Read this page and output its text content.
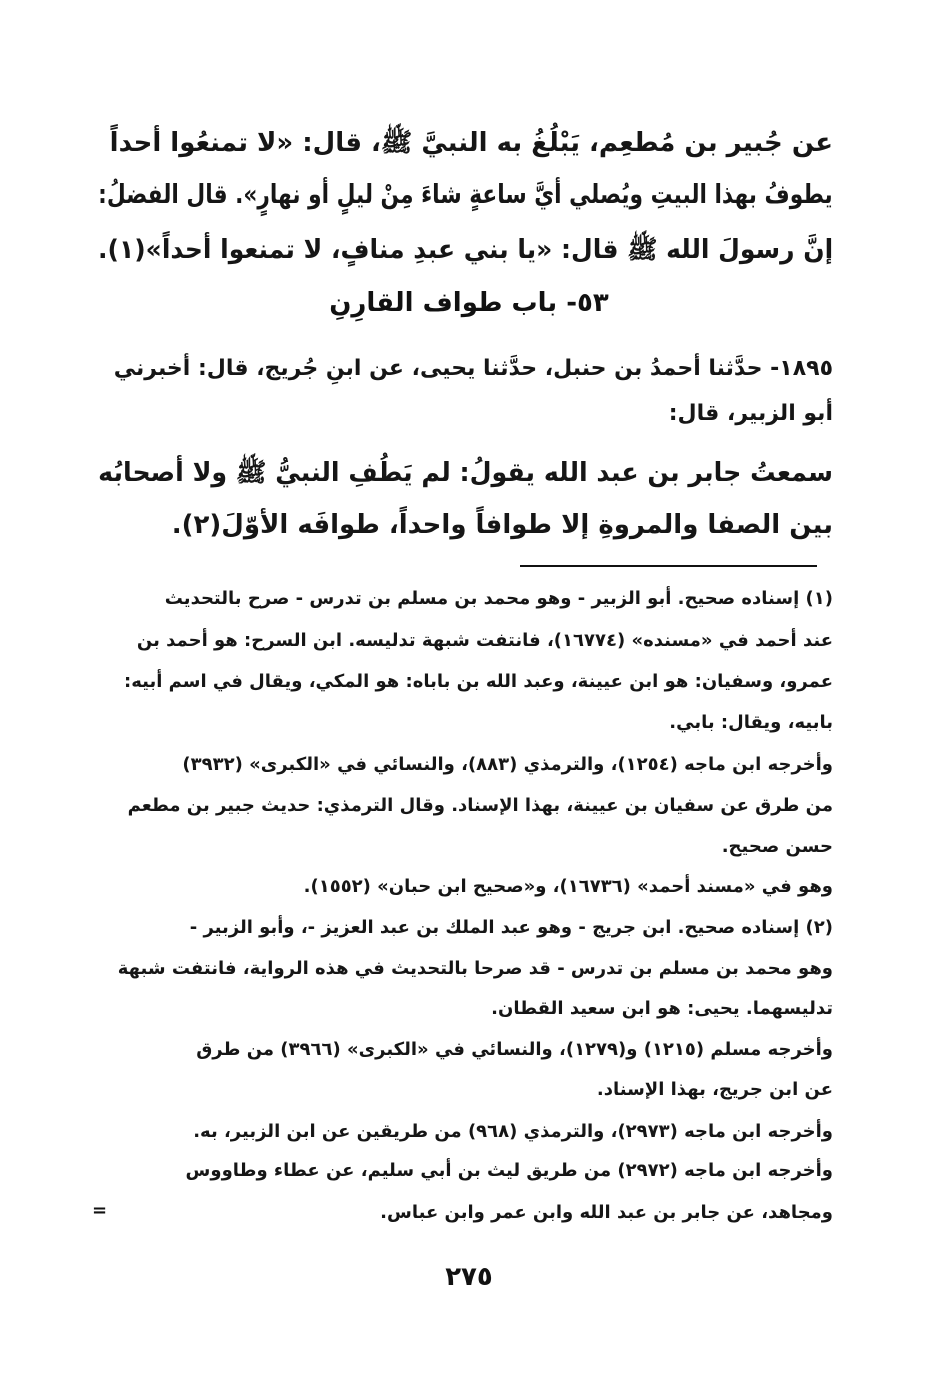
عن جُبير بن مُطعِم، يَبْلُغُ به النبيَّ ﷺ، قال: «لا تمنعُوا أحداً
يطوفُ بهذا البيتِ ويُصلي أيَّ ساعةٍ شاءَ مِنْ ليلٍ أو نهارٍ». قال الفضلُ:
إنَّ رسولَ الله ﷺ قال: «يا بني عبدِ منافٍ، لا تمنعوا أحداً»(١).
٥٣- باب طواف القارِنِ
١٨٩٥- حدَّثنا أحمدُ بن حنبل، حدَّثنا يحيى، عن ابنِ جُريج، قال: أخبرني
أبو الزبير، قال:
سمعتُ جابر بن عبد الله يقولُ: لم يَطُفِ النبيُّ ﷺ ولا أصحابُه
بين الصفا والمروةِ إلا طوافاً واحداً، طوافَه الأوّلَ(٢).
(١) إسناده صحيح. أبو الزبير - وهو محمد بن مسلم بن تدرس - صرح بالتحديث
عند أحمد في «مسنده» (١٦٧٧٤)، فانتفت شبهة تدليسه. ابن السرح: هو أحمد بن
عمرو، وسفيان: هو ابن عيينة، وعبد الله بن باباه: هو المكي، ويقال في اسم أبيه:
بابيه، ويقال: بابي.
وأخرجه ابن ماجه (١٢٥٤)، والترمذي (٨٨٣)، والنسائي في «الكبرى» (٣٩٣٢)
من طرق عن سفيان بن عيينة، بهذا الإسناد. وقال الترمذي: حديث جبير بن مطعم
حسن صحيح.
وهو في «مسند أحمد» (١٦٧٣٦)، و«صحيح ابن حبان» (١٥٥٢).
(٢) إسناده صحيح. ابن جريج - وهو عبد الملك بن عبد العزيز -، وأبو الزبير -
وهو محمد بن مسلم بن تدرس - قد صرحا بالتحديث في هذه الرواية، فانتفت شبهة
تدليسهما. يحيى: هو ابن سعيد القطان.
وأخرجه مسلم (١٢١٥) و(١٢٧٩)، والنسائي في «الكبرى» (٣٩٦٦) من طرق
عن ابن جريج، بهذا الإسناد.
وأخرجه ابن ماجه (٢٩٧٣)، والترمذي (٩٦٨) من طريقين عن ابن الزبير، به.
وأخرجه ابن ماجه (٢٩٧٢) من طريق ليث بن أبي سليم، عن عطاء وطاووس
ومجاهد، عن جابر بن عبد الله وابن عمر وابن عباس.
=
٢٧٥
